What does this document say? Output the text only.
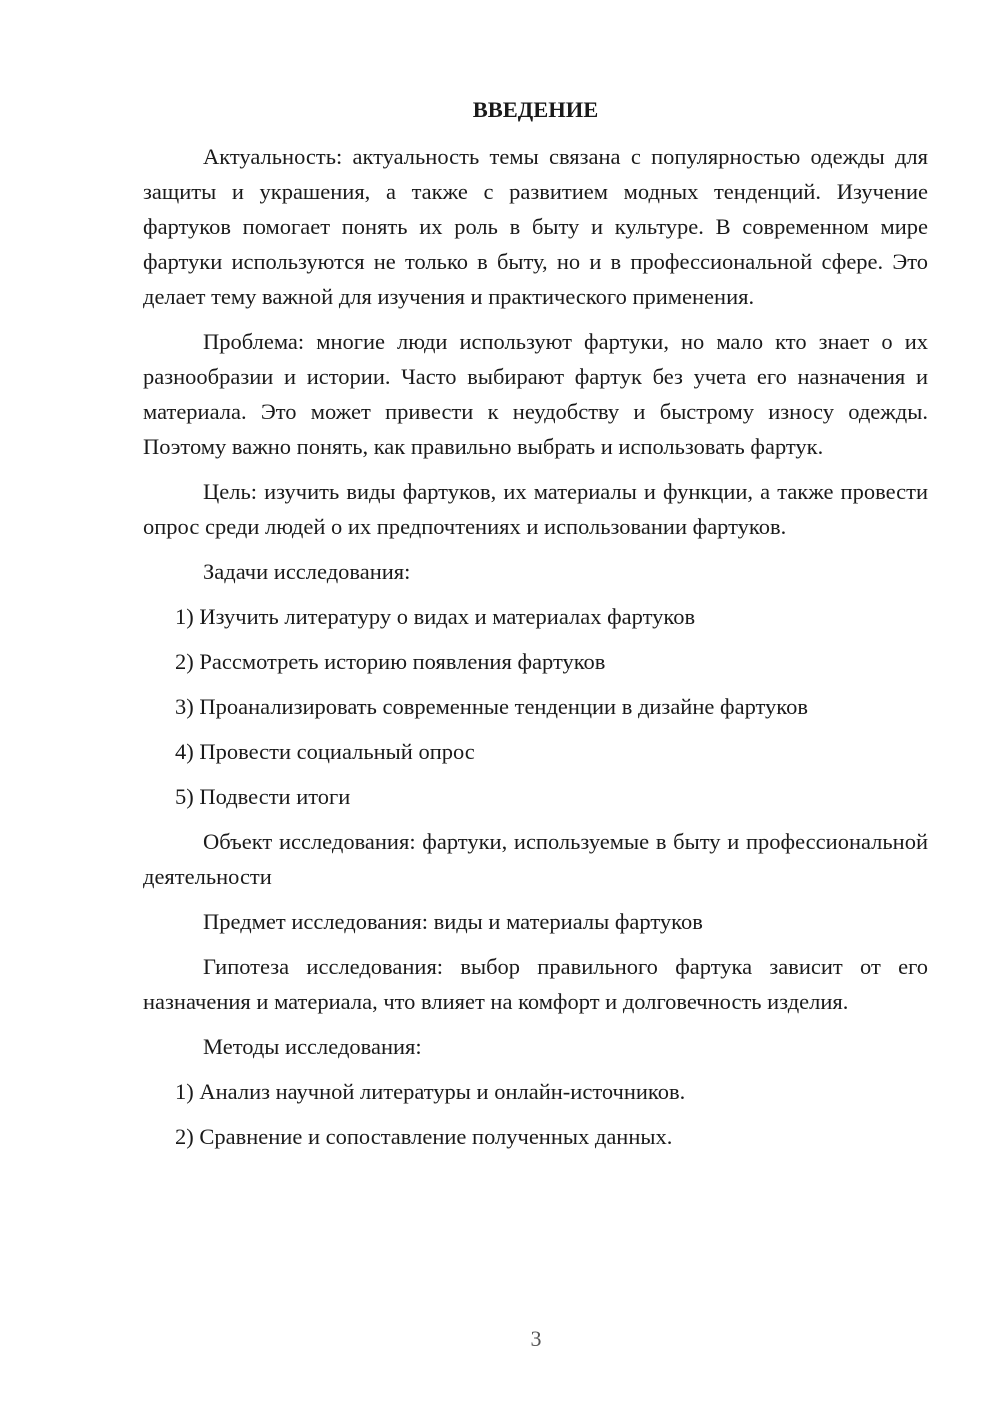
ВВЕДЕНИЕ
Актуальность: актуальность темы связана с популярностью одежды для защиты и украшения, а также с развитием модных тенденций. Изучение фартуков помогает понять их роль в быту и культуре. В современном мире фартуки используются не только в быту, но и в профессиональной сфере. Это делает тему важной для изучения и практического применения.
Проблема: многие люди используют фартуки, но мало кто знает о их разнообразии и истории. Часто выбирают фартук без учета его назначения и материала. Это может привести к неудобству и быстрому износу одежды. Поэтому важно понять, как правильно выбрать и использовать фартук.
Цель: изучить виды фартуков, их материалы и функции, а также провести опрос среди людей о их предпочтениях и использовании фартуков.
Задачи исследования:
1) Изучить литературу о видах и материалах фартуков
2) Рассмотреть историю появления фартуков
3) Проанализировать современные тенденции в дизайне фартуков
4) Провести социальный опрос
5) Подвести итоги
Объект исследования: фартуки, используемые в быту и профессиональной деятельности
Предмет исследования: виды и материалы фартуков
Гипотеза исследования: выбор правильного фартука зависит от его назначения и материала, что влияет на комфорт и долговечность изделия.
Методы исследования:
1) Анализ научной литературы и онлайн-источников.
2) Сравнение и сопоставление полученных данных.
3
